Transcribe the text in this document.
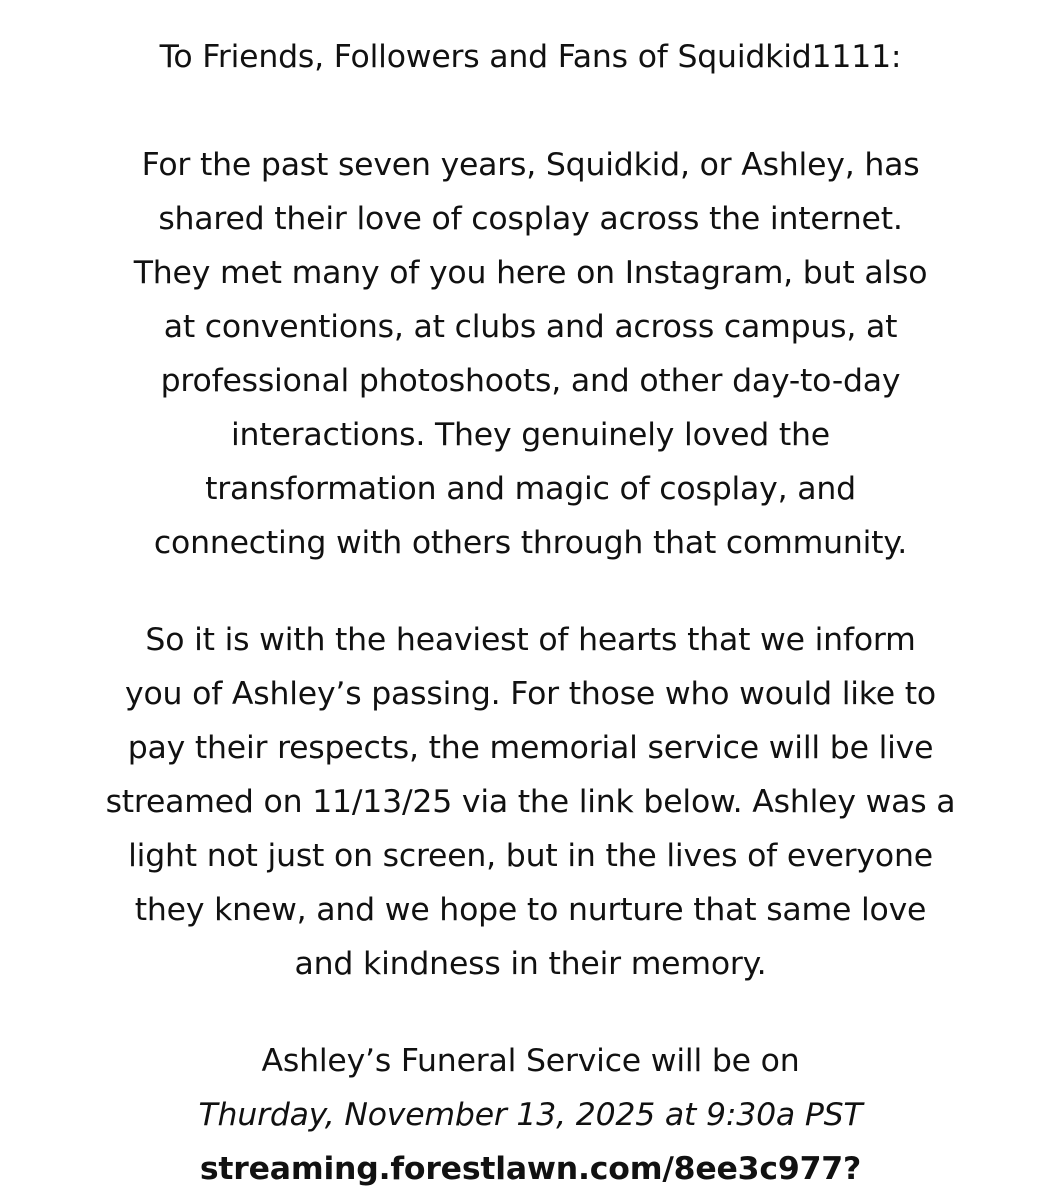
To Friends, Followers and Fans of Squidkid1111:
For the past seven years, Squidkid, or Ashley, has
shared their love of cosplay across the internet.
They met many of you here on Instagram, but also
at conventions, at clubs and across campus, at
professional photoshoots, and other day-to-day
interactions. They genuinely loved the
transformation and magic of cosplay, and
connecting with others through that community.
So it is with the heaviest of hearts that we inform
you of Ashley’s passing. For those who would like to
pay their respects, the memorial service will be live
streamed on 11/13/25 via the link below. Ashley was a
light not just on screen, but in the lives of everyone
they knew, and we hope to nurture that same love
and kindness in their memory.
Ashley’s Funeral Service will be on
Thurday, November 13, 2025 at 9:30a PST
streaming.forestlawn.com/8ee3c977?
